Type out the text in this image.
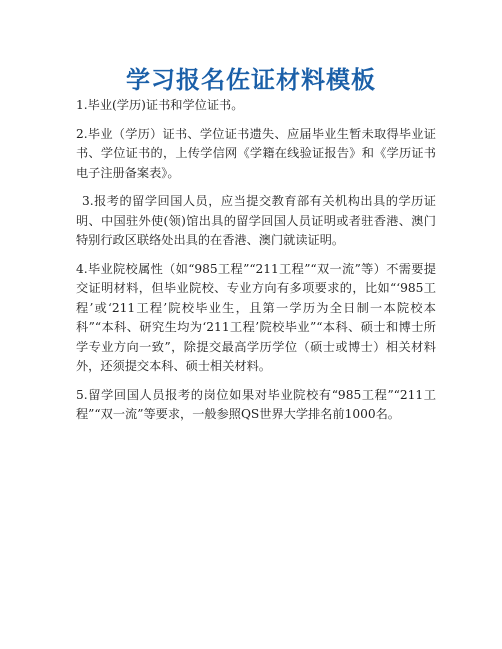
学习报名佐证材料模板

1.毕业(学历)证书和学位证书。

2.毕业（学历）证书、学位证书遗失、应届毕业生暂未取得毕业证书、学位证书的，上传学信网《学籍在线验证报告》和《学历证书电子注册备案表》。

3.报考的留学回国人员，应当提交教育部有关机构出具的学历证明、中国驻外使(领)馆出具的留学回国人员证明或者驻香港、澳门特别行政区联络处出具的在香港、澳门就读证明。

4.毕业院校属性（如“985工程”“211工程”“双一流”等）不需要提交证明材料，但毕业院校、专业方向有多项要求的，比如“‘985工程’或‘211工程’院校毕业生，且第一学历为全日制一本院校本科”“本科、研究生均为‘211工程’院校毕业”“本科、硕士和博士所学专业方向一致”，除提交最高学历学位（硕士或博士）相关材料外，还须提交本科、硕士相关材料。

5.留学回国人员报考的岗位如果对毕业院校有“985工程”“211工程”“双一流”等要求，一般参照QS世界大学排名前1000名。
